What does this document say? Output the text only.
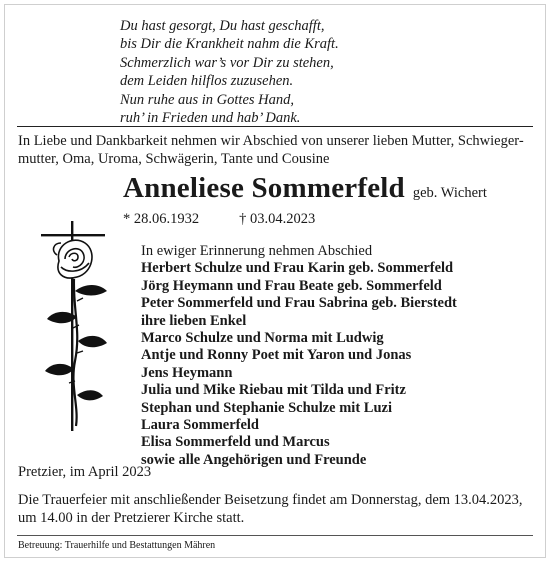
Du hast gesorgt, Du hast geschafft,
bis Dir die Krankheit nahm die Kraft.
Schmerzlich war’s vor Dir zu stehen,
dem Leiden hilflos zuzusehen.
Nun ruhe aus in Gottes Hand,
ruh’ in Frieden und hab’ Dank.
In Liebe und Dankbarkeit nehmen wir Abschied von unserer lieben Mutter, Schwieger-
mutter, Oma, Uroma, Schwägerin, Tante und Cousine
Anneliese Sommerfeld geb. Wichert
* 28.06.1932	† 03.04.2023
In ewiger Erinnerung nehmen Abschied
Herbert Schulze und Frau Karin geb. Sommerfeld
Jörg Heymann und Frau Beate geb. Sommerfeld
Peter Sommerfeld und Frau Sabrina geb. Bierstedt
ihre lieben Enkel
Marco Schulze und Norma mit Ludwig
Antje und Ronny Poet mit Yaron und Jonas
Jens Heymann
Julia und Mike Riebau mit Tilda und Fritz
Stephan und Stephanie Schulze mit Luzi
Laura Sommerfeld
Elisa Sommerfeld und Marcus
sowie alle Angehörigen und Freunde
Pretzier, im April 2023
Die Trauerfeier mit anschließender Beisetzung findet am Donnerstag, dem 13.04.2023,
um 14.00 in der Pretzierer Kirche statt.
Betreuung: Trauerhilfe und Bestattungen Mähren
